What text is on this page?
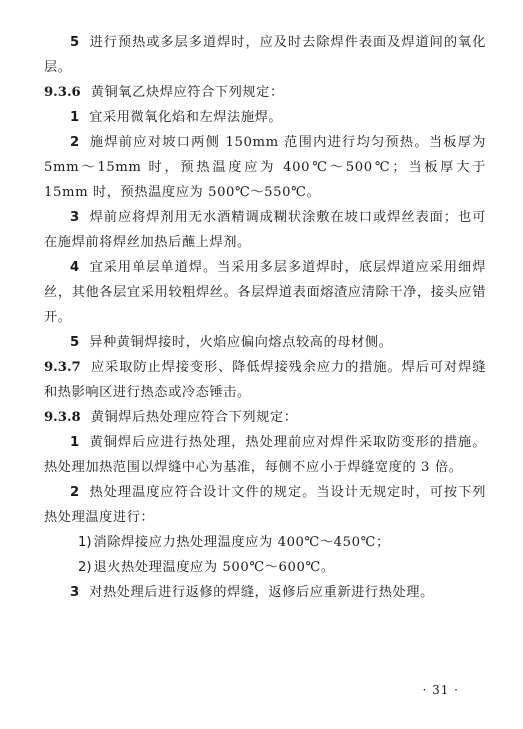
5 进行预热或多层多道焊时，应及时去除焊件表面及焊道间的氧化层。

9.3.6 黄铜氧乙炔焊应符合下列规定：

1 宜采用微氧化焰和左焊法施焊。

2 施焊前应对坡口两侧 150mm 范围内进行均匀预热。当板厚为 5mm～15mm 时，预热温度应为 400℃～500℃；当板厚大于 15mm 时，预热温度应为 500℃～550℃。

3 焊前应将焊剂用无水酒精调成糊状涂敷在坡口或焊丝表面；也可在施焊前将焊丝加热后蘸上焊剂。

4 宜采用单层单道焊。当采用多层多道焊时，底层焊道应采用细焊丝，其他各层宜采用较粗焊丝。各层焊道表面熔渣应清除干净，接头应错开。

5 异种黄铜焊接时，火焰应偏向熔点较高的母材侧。

9.3.7 应采取防止焊接变形、降低焊接残余应力的措施。焊后可对焊缝和热影响区进行热态或冷态锤击。

9.3.8 黄铜焊后热处理应符合下列规定：

1 黄铜焊后应进行热处理，热处理前应对焊件采取防变形的措施。热处理加热范围以焊缝中心为基准，每侧不应小于焊缝宽度的 3 倍。

2 热处理温度应符合设计文件的规定。当设计无规定时，可按下列热处理温度进行：

1) 消除焊接应力热处理温度应为 400℃～450℃；

2) 退火热处理温度应为 500℃～600℃。

3 对热处理后进行返修的焊缝，返修后应重新进行热处理。

· 31 ·
